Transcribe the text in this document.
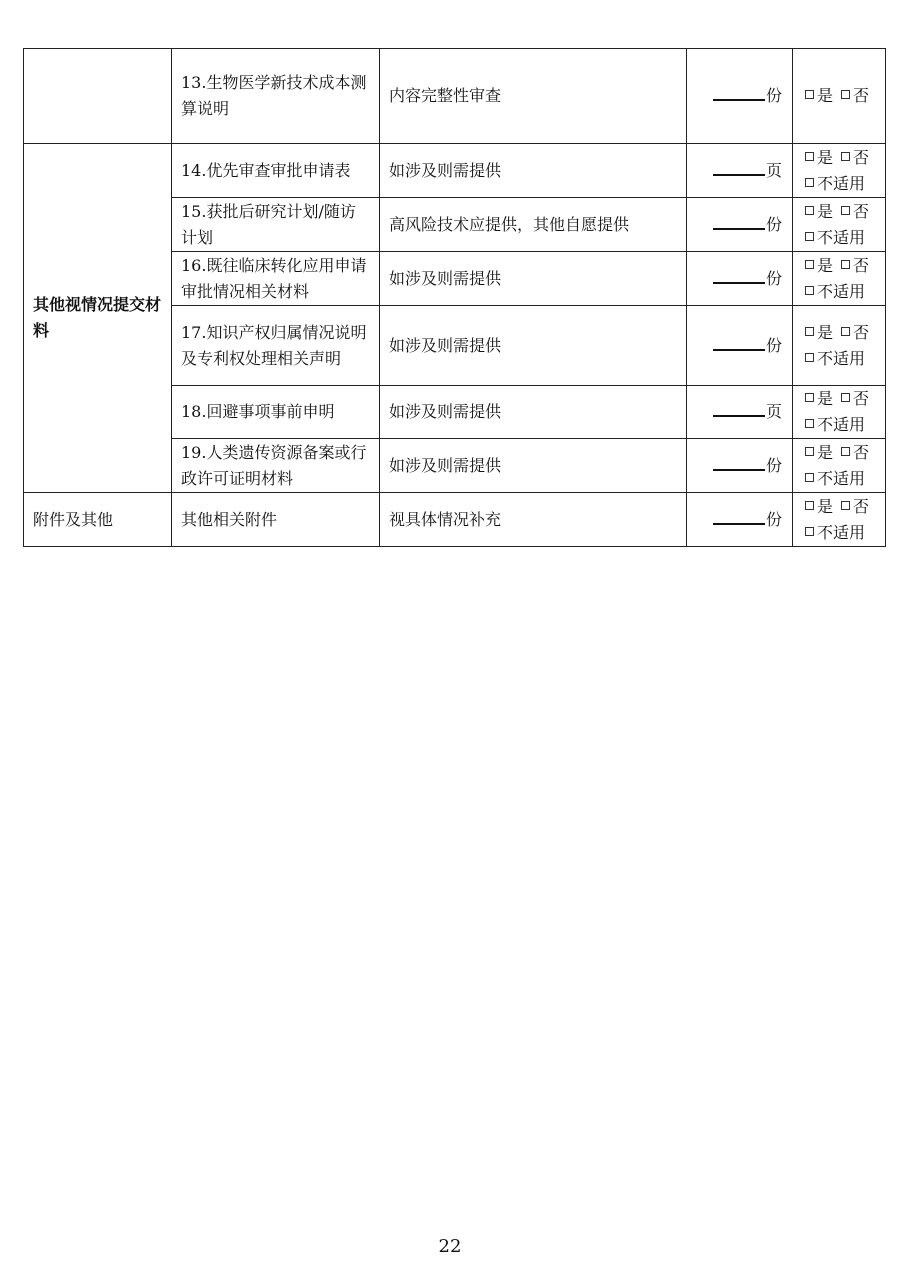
	13.生物医学新技术成本测算说明	内容完整性审查	份	是 否
其他视情况提交材料	14.优先审查审批申请表	如涉及则需提供	页	是 否
不适用

	15.获批后研究计划/随访计划	高风险技术应提供，其他自愿提供	份	是 否
不适用

	16.既往临床转化应用申请审批情况相关材料	如涉及则需提供	份	是 否
不适用

	17.知识产权归属情况说明及专利权处理相关声明	如涉及则需提供	份	是 否
不适用

	18.回避事项事前申明	如涉及则需提供	页	是 否
不适用

	19.人类遗传资源备案或行政许可证明材料	如涉及则需提供	份	是 否
不适用

附件及其他	其他相关附件	视具体情况补充	份	是 否
不适用
22
